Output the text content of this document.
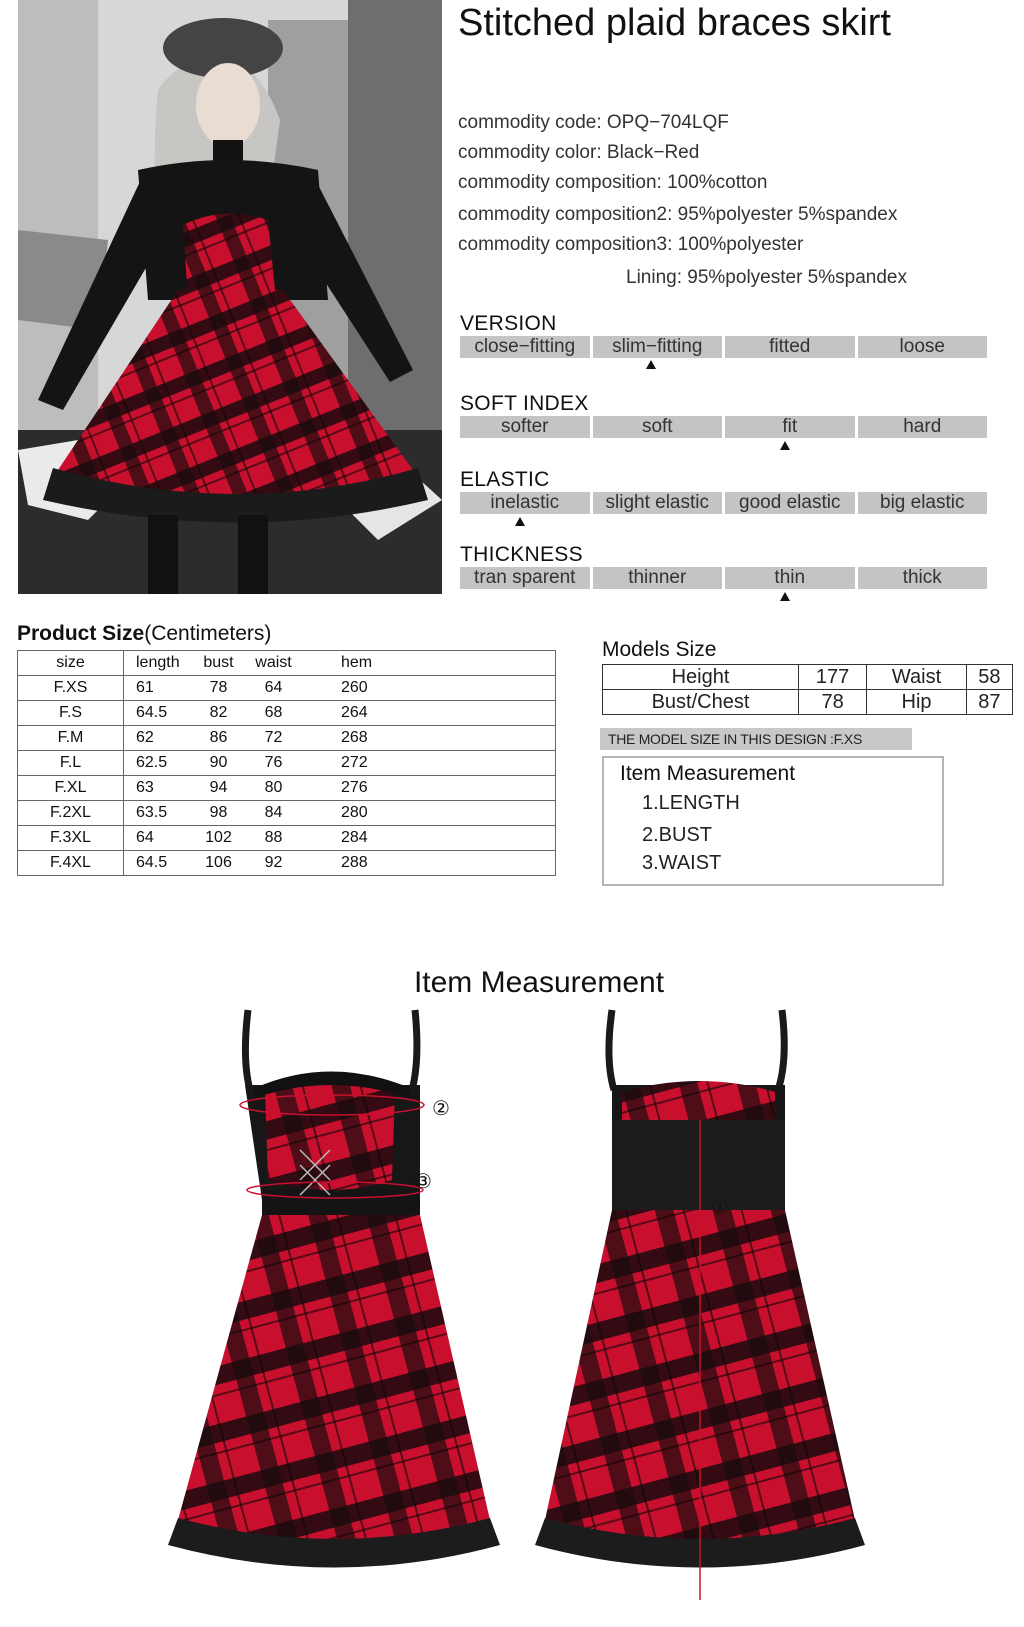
Stitched plaid braces skirt
commodity code: OPQ−704LQF
commodity color: Black−Red
commodity composition: 100%cotton
commodity composition2: 95%polyester 5%spandex
commodity composition3: 100%polyester
Lining: 95%polyester 5%spandex
VERSION
close−fitting	slim−fitting	fitted	loose
SOFT INDEX
softer	soft	fit	hard
ELASTIC
inelastic	slight elastic	good elastic	big elastic
THICKNESS
tran sparent	thinner	thin	thick
Product Size(Centimeters)
size	length	bust	waist	hem
F.XS	61	78	64	260
F.S	64.5	82	68	264
F.M	62	86	72	268
F.L	62.5	90	76	272
F.XL	63	94	80	276
F.2XL	63.5	98	84	280
F.3XL	64	102	88	284
F.4XL	64.5	106	92	288
Models Size
Height	177	Waist	58
Bust/Chest	78	Hip	87
THE MODEL SIZE IN THIS DESIGN :F.XS
Item Measurement
1.LENGTH
2.BUST
3.WAIST
Item Measurement
②
③
①
